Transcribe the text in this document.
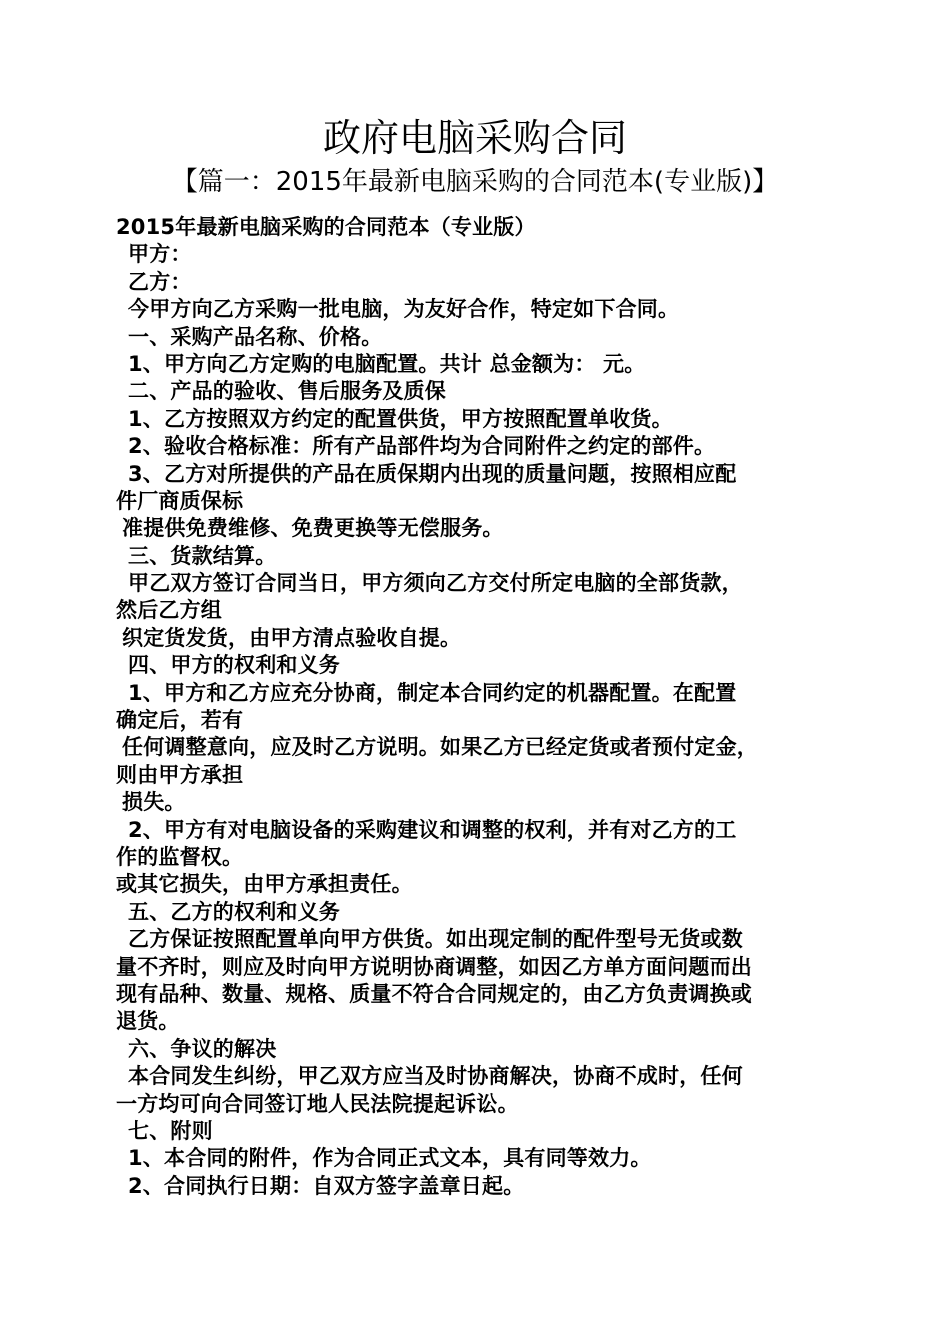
政府电脑采购合同
【篇一：2015年最新电脑采购的合同范本(专业版)】
2015年最新电脑采购的合同范本（专业版）
甲方：
乙方：
今甲方向乙方采购一批电脑，为友好合作，特定如下合同。
一、采购产品名称、价格。
1、甲方向乙方定购的电脑配置。共计 总金额为： 元。
二、产品的验收、售后服务及质保
1、乙方按照双方约定的配置供货，甲方按照配置单收货。
2、验收合格标准：所有产品部件均为合同附件之约定的部件。
3、乙方对所提供的产品在质保期内出现的质量问题，按照相应配
件厂商质保标
准提供免费维修、免费更换等无偿服务。
三、货款结算。
甲乙双方签订合同当日，甲方须向乙方交付所定电脑的全部货款，
然后乙方组
织定货发货，由甲方清点验收自提。
四、甲方的权利和义务
1、甲方和乙方应充分协商，制定本合同约定的机器配置。在配置
确定后，若有
任何调整意向，应及时乙方说明。如果乙方已经定货或者预付定金，
则由甲方承担
损失。
2、甲方有对电脑设备的采购建议和调整的权利，并有对乙方的工
作的监督权。
或其它损失，由甲方承担责任。
五、乙方的权利和义务
乙方保证按照配置单向甲方供货。如出现定制的配件型号无货或数
量不齐时，则应及时向甲方说明协商调整，如因乙方单方面问题而出
现有品种、数量、规格、质量不符合合同规定的，由乙方负责调换或
退货。
六、争议的解决
本合同发生纠纷，甲乙双方应当及时协商解决，协商不成时，任何
一方均可向合同签订地人民法院提起诉讼。
七、附则
1、本合同的附件，作为合同正式文本，具有同等效力。
2、合同执行日期：自双方签字盖章日起。
